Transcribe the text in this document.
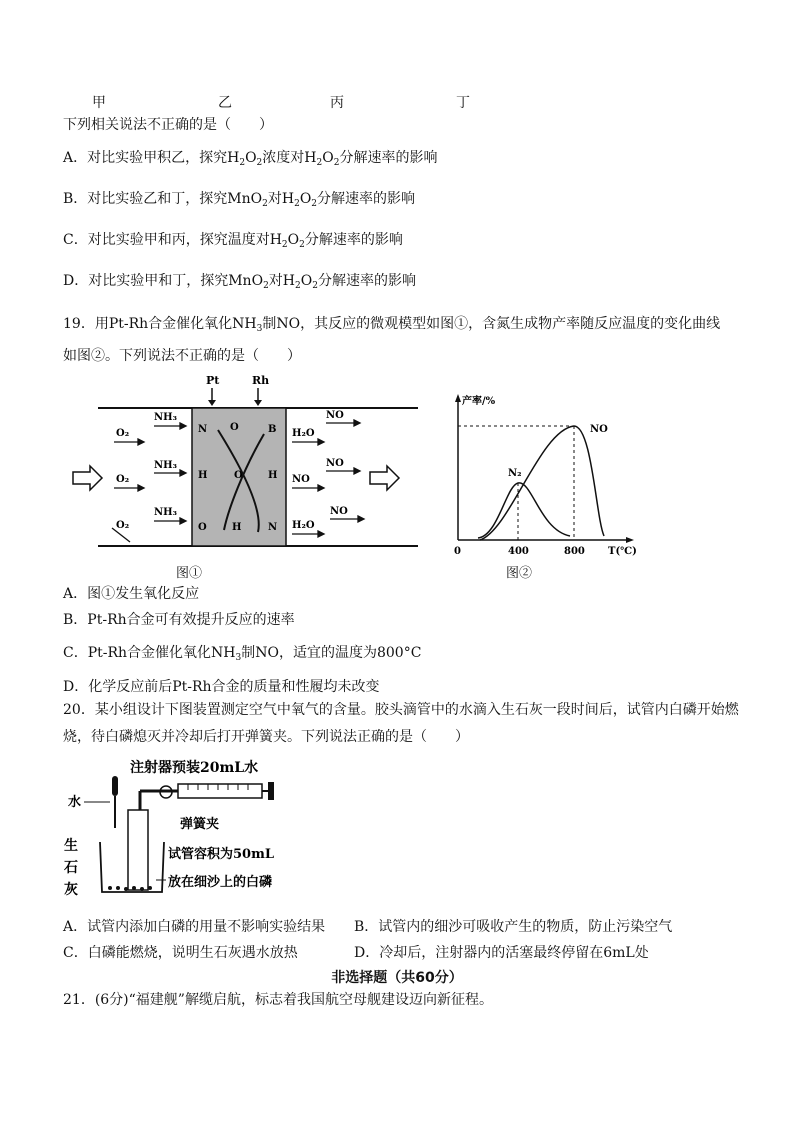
甲	乙	丙	丁
下列相关说法不正确的是（　　）
A．对比实验甲积乙，探究$H_2O_2$浓度对$H_2O_2$分解速率的影响
B．对比实验乙和丁，探究MnO$_2$对$H_2O_2$分解速率的影响
C．对比实验甲和丙，探究温度对$H_2O_2$分解速率的影响
D．对比实验甲和丁，探究MnO$_2$对$H_2O_2$分解速率的影响
19．用Pt-Rh合金催化氧化$NH_3$制NO，其反应的微观模型如图①，含氮生成物产率随反应温度的变化曲线
如图②。下列说法不正确的是（　　）
Pt	Rh
O₂
NH₃
O₂
NH₃
O₂
NH₃
N O	B
H	O	H
O	H	N
NO
H₂O
NO
NO
H₂O
NO
图①
产率/%
T(℃)
0	400	800
N₂
NO
图②
A．图①发生氧化反应
B．Pt-Rh合金可有效提升反应的速率
C．Pt-Rh合金催化氧化$NH_3$制NO，适宜的温度为800°C
D．化学反应前后Pt-Rh合金的质量和性履均未改变
20．某小组设计下图装置测定空气中氧气的含量。胶头滴管中的水滴入生石灰一段时间后，试管内白磷开始燃
烧，待白磷熄灭并冷却后打开弹簧夹。下列说法正确的是（　　）
注射器预装20mL水
水
弹簧夹
试管容积为50mL
放在细沙上的白磷
生
石
灰
A．试管内添加白磷的用量不影响实验结果 B．试管内的细沙可吸收产生的物质，防止污染空气
C．白磷能燃烧，说明生石灰遇水放热	D．冷却后，注射器内的活塞最终停留在6mL处
非选择题（共60分）
21．(6分)“福建舰”解缆启航，标志着我国航空母舰建设迈向新征程。
